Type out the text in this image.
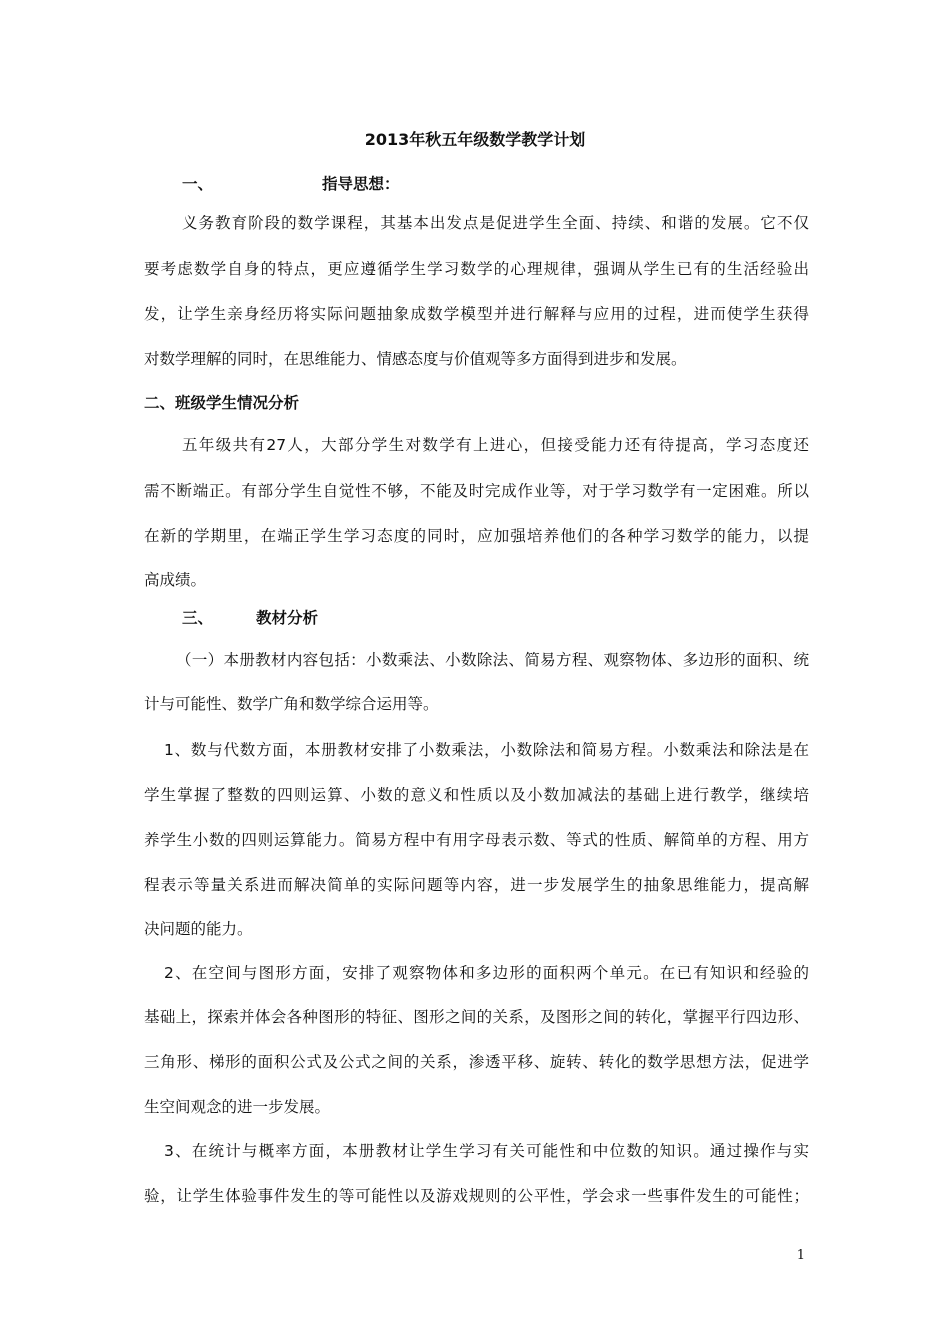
2013年秋五年级数学教学计划
一、	指导思想：
义务教育阶段的数学课程，其基本出发点是促进学生全面、持续、和谐的发展。它不仅
要考虑数学自身的特点，更应遵循学生学习数学的心理规律，强调从学生已有的生活经验出
发，让学生亲身经历将实际问题抽象成数学模型并进行解释与应用的过程，进而使学生获得
对数学理解的同时，在思维能力、情感态度与价值观等多方面得到进步和发展。
二、班级学生情况分析
五年级共有27人，大部分学生对数学有上进心，但接受能力还有待提高，学习态度还
需不断端正。有部分学生自觉性不够，不能及时完成作业等，对于学习数学有一定困难。所以
在新的学期里，在端正学生学习态度的同时，应加强培养他们的各种学习数学的能力，以提
高成绩。
三、	教材分析
（一）本册教材内容包括：小数乘法、小数除法、简易方程、观察物体、多边形的面积、统
计与可能性、数学广角和数学综合运用等。
1、数与代数方面，本册教材安排了小数乘法，小数除法和简易方程。小数乘法和除法是在
学生掌握了整数的四则运算、小数的意义和性质以及小数加减法的基础上进行教学，继续培
养学生小数的四则运算能力。简易方程中有用字母表示数、等式的性质、解简单的方程、用方
程表示等量关系进而解决简单的实际问题等内容，进一步发展学生的抽象思维能力，提高解
决问题的能力。
2、在空间与图形方面，安排了观察物体和多边形的面积两个单元。在已有知识和经验的
基础上，探索并体会各种图形的特征、图形之间的关系，及图形之间的转化，掌握平行四边形、
三角形、梯形的面积公式及公式之间的关系，渗透平移、旋转、转化的数学思想方法，促进学
生空间观念的进一步发展。
3、在统计与概率方面，本册教材让学生学习有关可能性和中位数的知识。通过操作与实
验，让学生体验事件发生的等可能性以及游戏规则的公平性，学会求一些事件发生的可能性；
1
